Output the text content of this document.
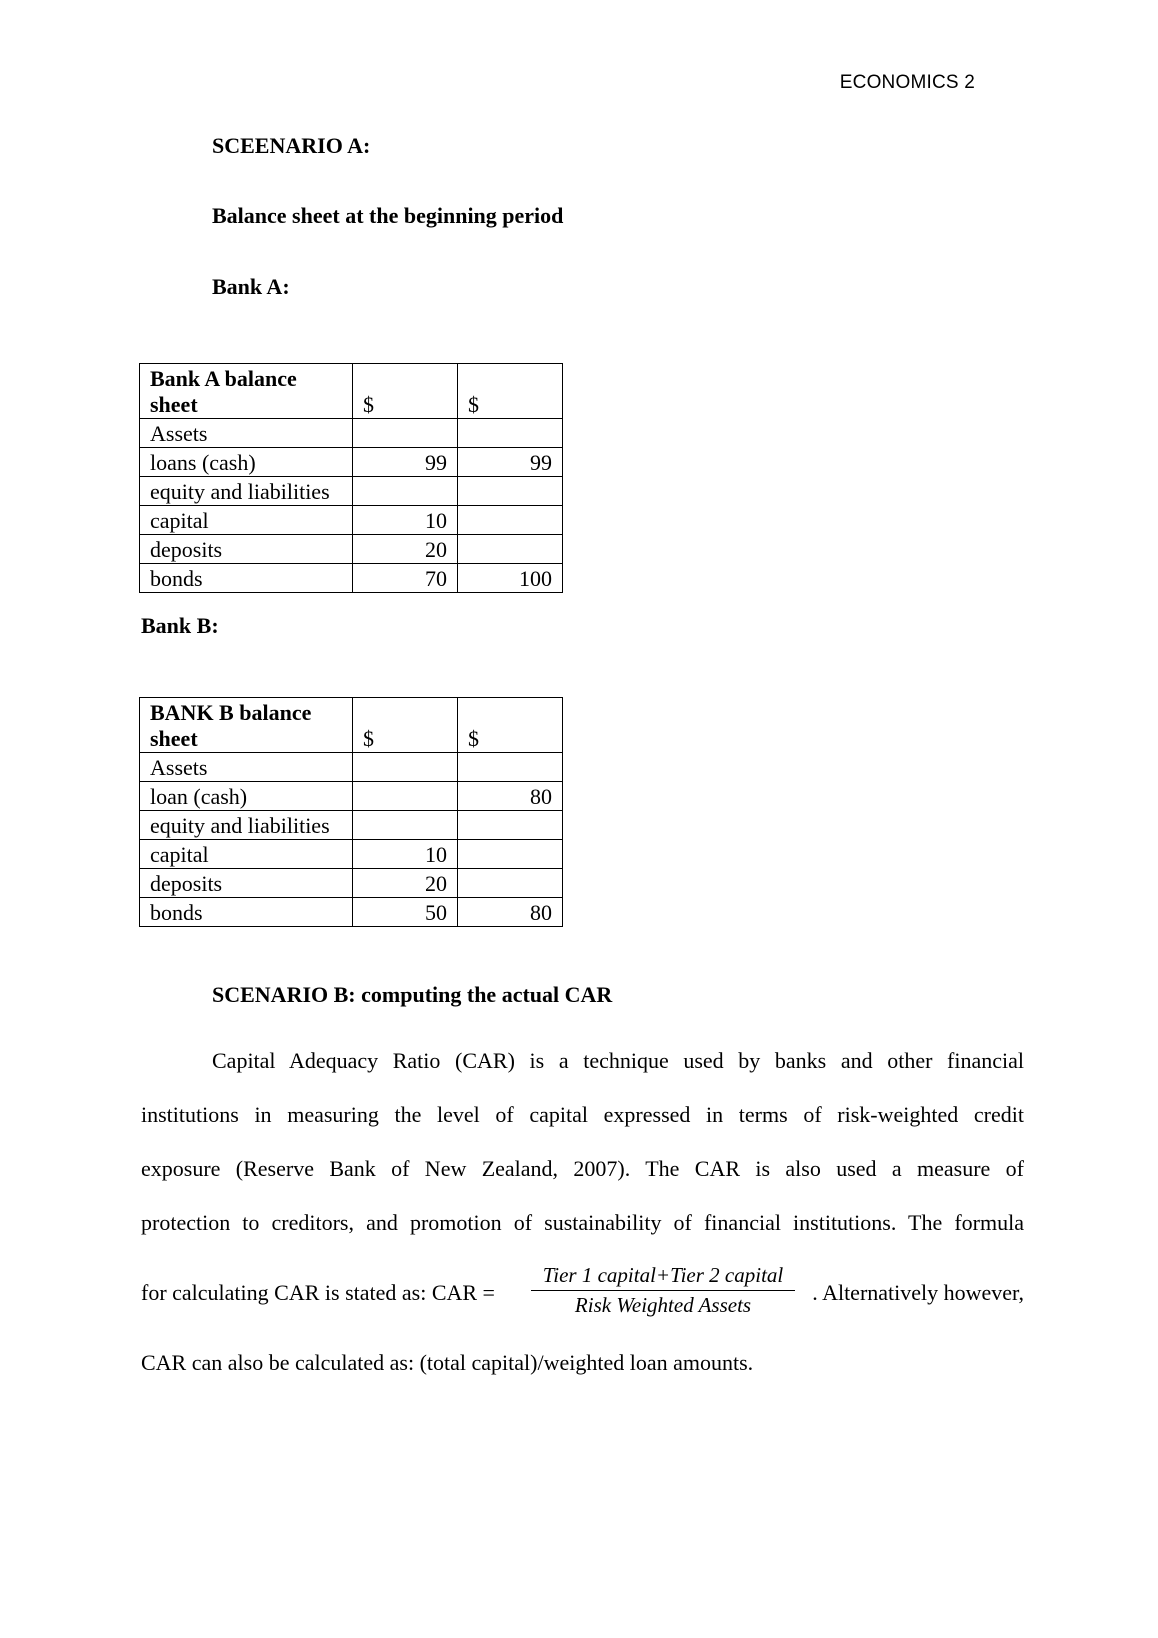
ECONOMICS 2
SCEENARIO A:
Balance sheet at the beginning period
Bank A:
Bank A balance sheet	$	$
Assets		
loans (cash)	99	99
equity and liabilities		
capital	10	
deposits	20	
bonds	70	100
Bank B:
BANK B balance sheet	$	$
Assets		
loan (cash)		80
equity and liabilities		
capital	10	
deposits	20	
bonds	50	80
SCENARIO B: computing the actual CAR

Capital Adequacy Ratio (CAR) is a technique used by banks and other financial

institutions in measuring the level of capital expressed in terms of risk-weighted credit

exposure (Reserve Bank of New Zealand, 2007). The CAR is also used a measure of

protection to creditors, and promotion of sustainability of financial institutions. The formula

for calculating CAR is stated as: CAR =
Tier 1 capital+Tier 2 capital
Risk Weighted Assets	. Alternatively however,
CAR can also be calculated as: (total capital)/weighted loan amounts.
